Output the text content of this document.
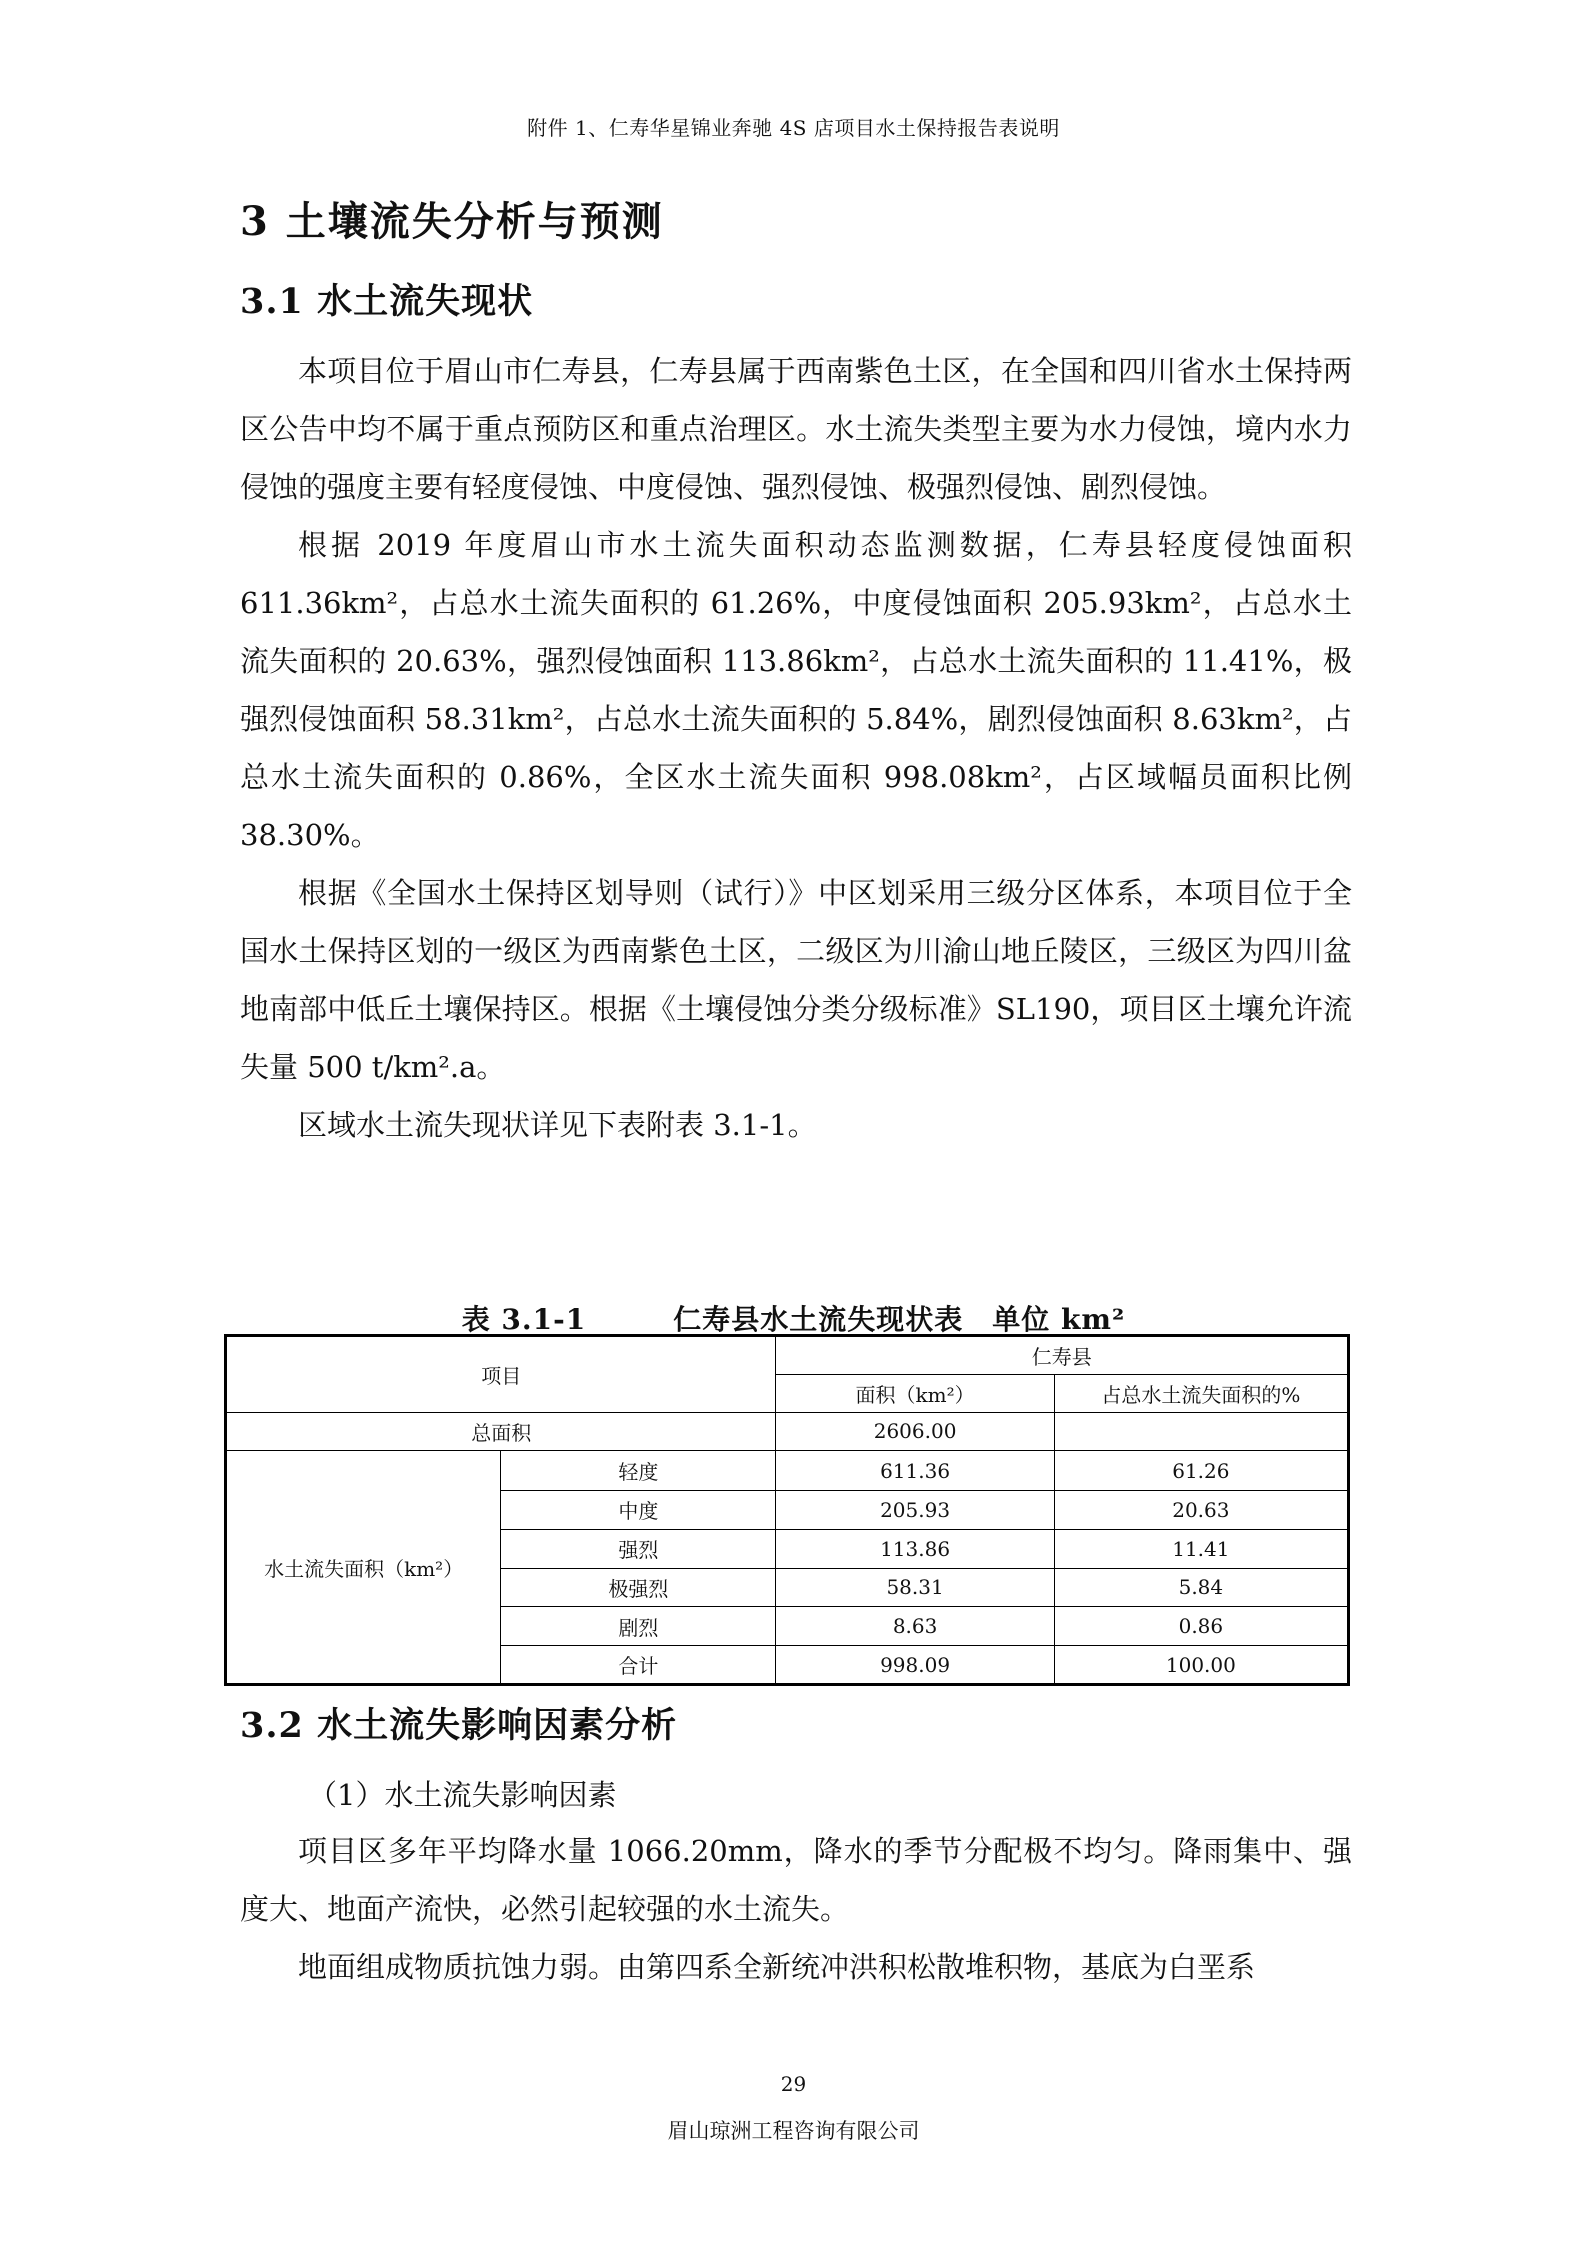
附件 1、仁寿华星锦业奔驰 4S 店项目水土保持报告表说明
3 土壤流失分析与预测
3.1 水土流失现状

本项目位于眉山市仁寿县，仁寿县属于西南紫色土区，在全国和四川省水土保持两区公告中均不属于重点预防区和重点治理区。水土流失类型主要为水力侵蚀，境内水力侵蚀的强度主要有轻度侵蚀、中度侵蚀、强烈侵蚀、极强烈侵蚀、剧烈侵蚀。

根据 2019 年度眉山市水土流失面积动态监测数据，仁寿县轻度侵蚀面积 611.36km²，占总水土流失面积的 61.26%，中度侵蚀面积 205.93km²，占总水土流失面积的 20.63%，强烈侵蚀面积 113.86km²，占总水土流失面积的 11.41%，极强烈侵蚀面积 58.31km²，占总水土流失面积的 5.84%，剧烈侵蚀面积 8.63km²，占总水土流失面积的 0.86%，全区水土流失面积 998.08km²，占区域幅员面积比例 38.30%。

根据《全国水土保持区划导则（试行）》中区划采用三级分区体系，本项目位于全国水土保持区划的一级区为西南紫色土区，二级区为川渝山地丘陵区，三级区为四川盆地南部中低丘土壤保持区。根据《土壤侵蚀分类分级标准》SL190，项目区土壤允许流失量 500 t/km².a。

区域水土流失现状详见下表附表 3.1-1。

表 3.1-1　　　仁寿县水土流失现状表　单位 km²
项目		仁寿县	
		面积（km²）	占总水土流失面积的%
总面积		2606.00	
水土流失面积（km²）	轻度	611.36	61.26
	中度	205.93	20.63
	强烈	113.86	11.41
	极强烈	58.31	5.84
	剧烈	8.63	0.86
	合计	998.09	100.00
3.2 水土流失影响因素分析
（1）水土流失影响因素

项目区多年平均降水量 1066.20mm，降水的季节分配极不均匀。降雨集中、强度大、地面产流快，必然引起较强的水土流失。

地面组成物质抗蚀力弱。由第四系全新统冲洪积松散堆积物，基底为白垩系

29
眉山琼洲工程咨询有限公司
